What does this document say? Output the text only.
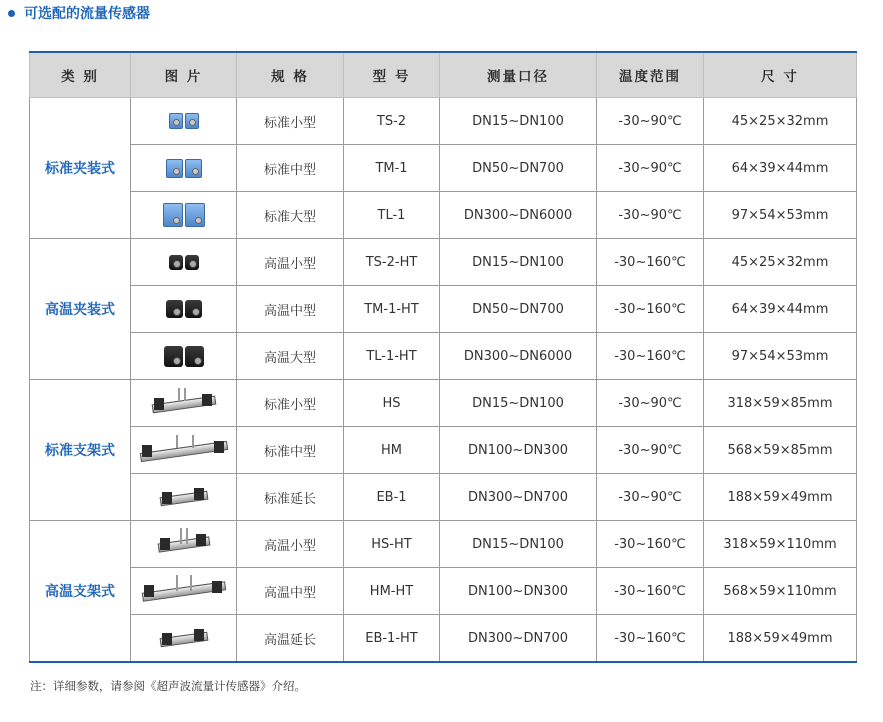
可选配的流量传感器
类 别	图 片	规 格	型 号	测量口径	温度范围	尺 寸
标准夹装式		标准小型	TS-2	DN15~DN100	-30~90℃	45×25×32mm

		标准中型	TM-1	DN50~DN700	-30~90℃	64×39×44mm

		标准大型	TL-1	DN300~DN6000	-30~90℃	97×54×53mm
高温夹装式		高温小型	TS-2-HT	DN15~DN100	-30~160℃	45×25×32mm

		高温中型	TM-1-HT	DN50~DN700	-30~160℃	64×39×44mm

		高温大型	TL-1-HT	DN300~DN6000	-30~160℃	97×54×53mm
标准支架式		标准小型	HS	DN15~DN100	-30~90℃	318×59×85mm

		标准中型	HM	DN100~DN300	-30~90℃	568×59×85mm

		标准延长	EB-1	DN300~DN700	-30~90℃	188×59×49mm
高温支架式		高温小型	HS-HT	DN15~DN100	-30~160℃	318×59×110mm

		高温中型	HM-HT	DN100~DN300	-30~160℃	568×59×110mm

		高温延长	EB-1-HT	DN300~DN700	-30~160℃	188×59×49mm
注：详细参数，请参阅《超声波流量计传感器》介绍。
